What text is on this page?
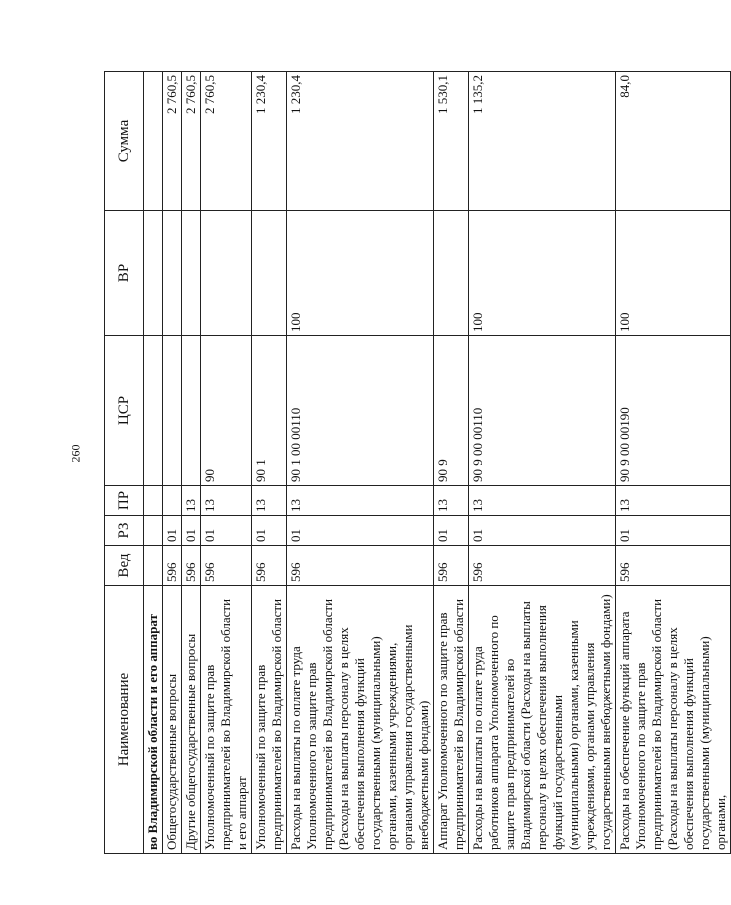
260
Наименование	Вед	РЗ	ПР	ЦСР	ВР	Сумма
во Владимирской области и его аппарат						
Общегосударственные вопросы	596	01				2 760,5
Другие общегосударственные вопросы	596	01	13			2 760,5
Уполномоченный по защите прав предпринимателей во Владимирской области и его аппарат	596	01	13	90		2 760,5
Уполномоченный по защите прав предпринимателей во Владимирской области	596	01	13	90 1		1 230,4
Расходы на выплаты по оплате труда Уполномоченного по защите прав предпринимателей во Владимирской области (Расходы на выплаты персоналу в целях обеспечения выполнения функций государственными (муниципальными) органами, казенными учреждениями, органами управления государственными внебюджетными фондами)	596	01	13	90 1 00 00110	100	1 230,4
Аппарат Уполномоченного по защите прав предпринимателей во Владимирской области	596	01	13	90 9		1 530,1
Расходы на выплаты по оплате труда работников аппарата Уполномоченного по защите прав предпринимателей во Владимирской области (Расходы на выплаты персоналу в целях обеспечения выполнения функций государственными (муниципальными) органами, казенными учреждениями, органами управления государственными внебюджетными фондами)	596	01	13	90 9 00 00110	100	1 135,2
Расходы на обеспечение функций аппарата Уполномоченного по защите прав предпринимателей во Владимирской области (Расходы на выплаты персоналу в целях обеспечения выполнения функций государственными (муниципальными) органами,	596	01	13	90 9 00 00190	100	84,0
